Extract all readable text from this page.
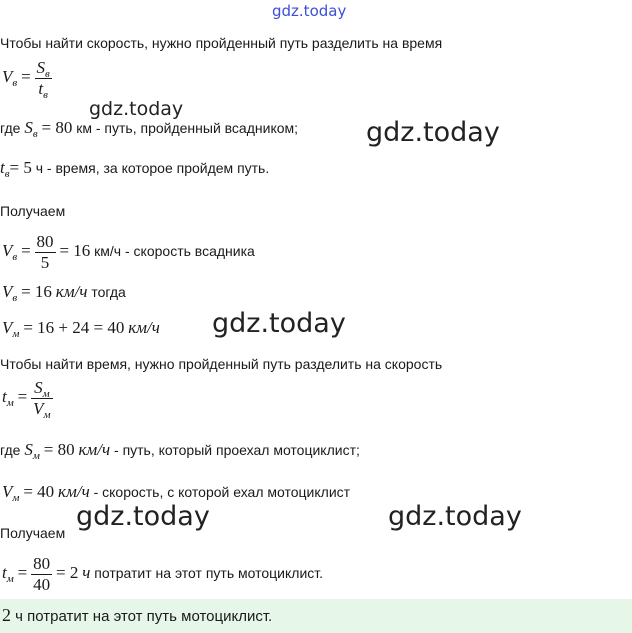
gdz.today
Чтобы найти скорость, нужно пройденный путь разделить на время
$V_в = \frac{S_в}{t_в}$
gdz.today
где $S_в = 80$ км - путь, пройденный всадником;	gdz.today
$t_в= 5$ ч - время, за которое пройдем путь.
Получаем
$V_в = \frac{80}{5} = 16$ км/ч - скорость всадника
$V_в = 16$ км/ч тогда
$V_м = 16 + 24 = 40$ км/ч gdz.today
Чтобы найти время, нужно пройденный путь разделить на скорость
$t_м = \frac{S_м}{V_м}$
где $S_м = 80$ км/ч - путь, который проехал мотоциклист;
$V_м = 40$ км/ч - скорость, с которой ехал мотоциклист
Получаем
gdz.today	gdz.today
$t_м = \frac{80}{40} = 2$ ч потратит на этот путь мотоциклист.
2 ч потратит на этот путь мотоциклист.
